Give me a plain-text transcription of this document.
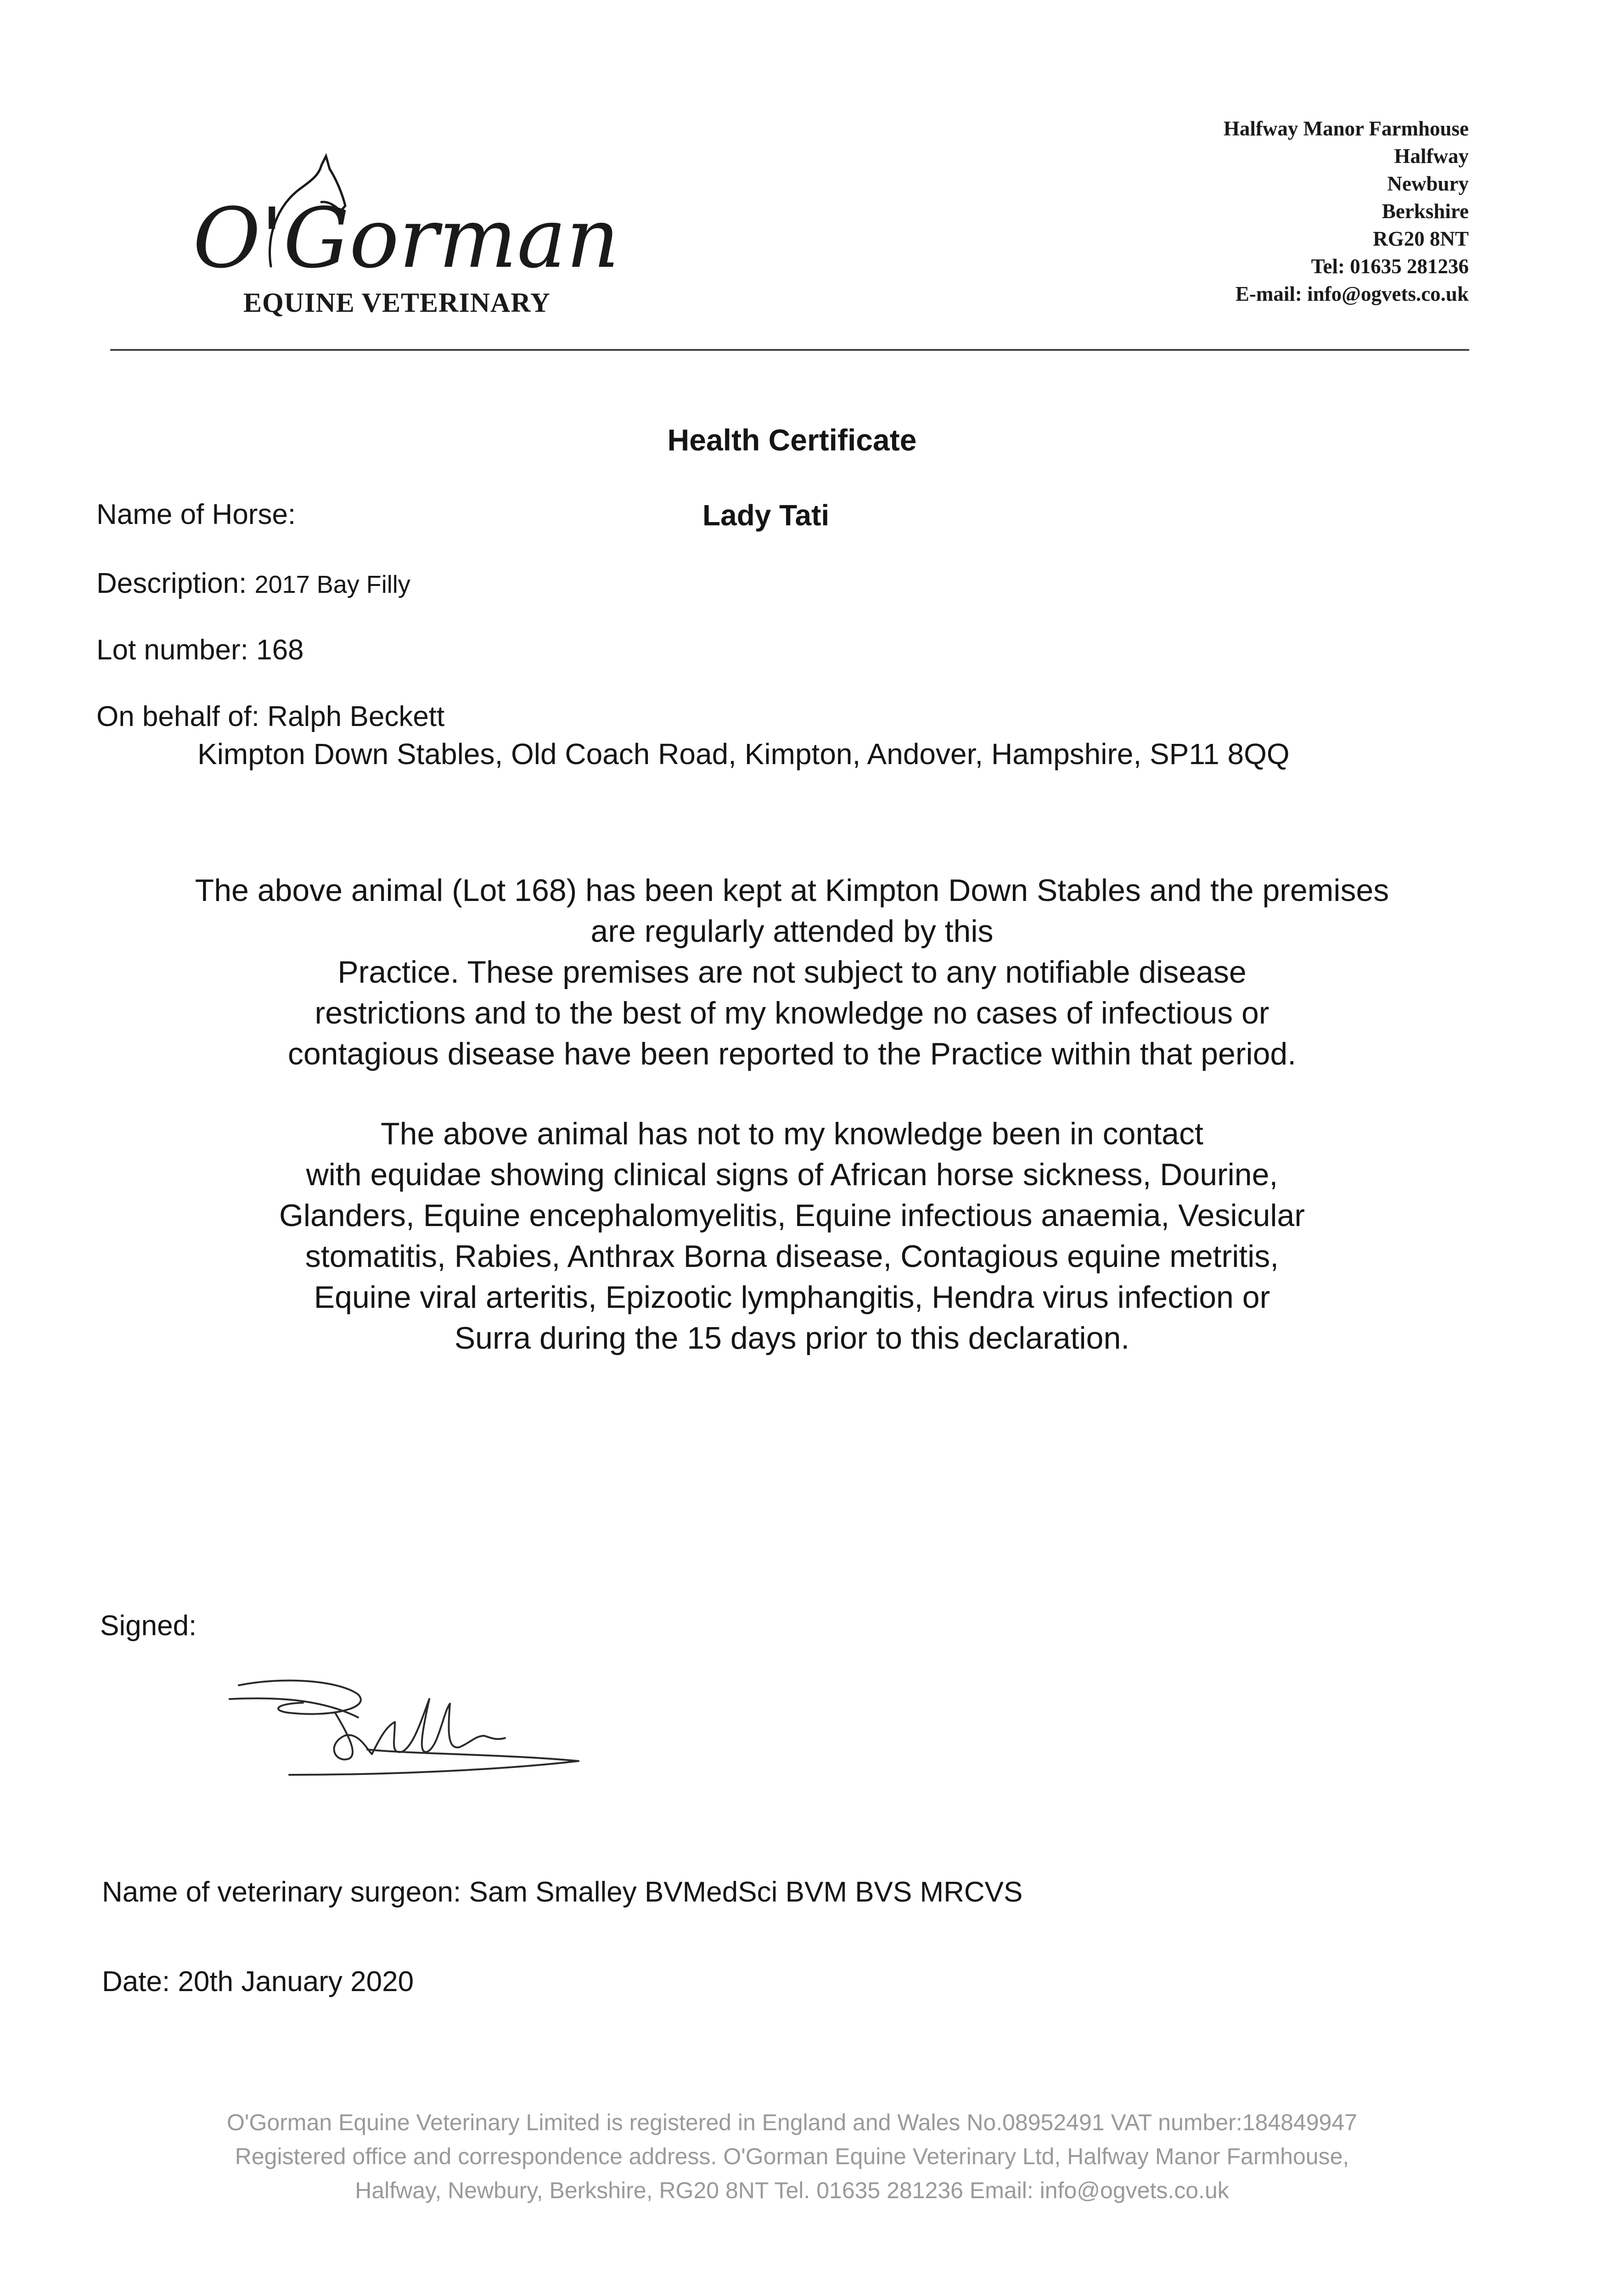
O'Gorman
EQUINE VETERINARY
Halfway Manor Farmhouse
Halfway
Newbury
Berkshire
RG20 8NT
Tel: 01635 281236
E-mail: info@ogvets.co.uk
Health Certificate
Name of Horse:	Lady Tati
Description: 2017 Bay Filly
Lot number: 168
On behalf of: Ralph Beckett
Kimpton Down Stables, Old Coach Road, Kimpton, Andover, Hampshire, SP11 8QQ
The above animal (Lot 168) has been kept at Kimpton Down Stables and the premises
are regularly attended by this
Practice. These premises are not subject to any notifiable disease
restrictions and to the best of my knowledge no cases of infectious or
contagious disease have been reported to the Practice within that period.
The above animal has not to my knowledge been in contact
with equidae showing clinical signs of African horse sickness, Dourine,
Glanders, Equine encephalomyelitis, Equine infectious anaemia, Vesicular
stomatitis, Rabies, Anthrax Borna disease, Contagious equine metritis,
Equine viral arteritis, Epizootic lymphangitis, Hendra virus infection or
Surra during the 15 days prior to this declaration.
Signed:
Name of veterinary surgeon: Sam Smalley BVMedSci BVM BVS MRCVS
Date: 20th January 2020
O'Gorman Equine Veterinary Limited is registered in England and Wales No.08952491 VAT number:184849947
Registered office and correspondence address. O'Gorman Equine Veterinary Ltd, Halfway Manor Farmhouse,
Halfway, Newbury, Berkshire, RG20 8NT Tel. 01635 281236 Email: info@ogvets.co.uk
